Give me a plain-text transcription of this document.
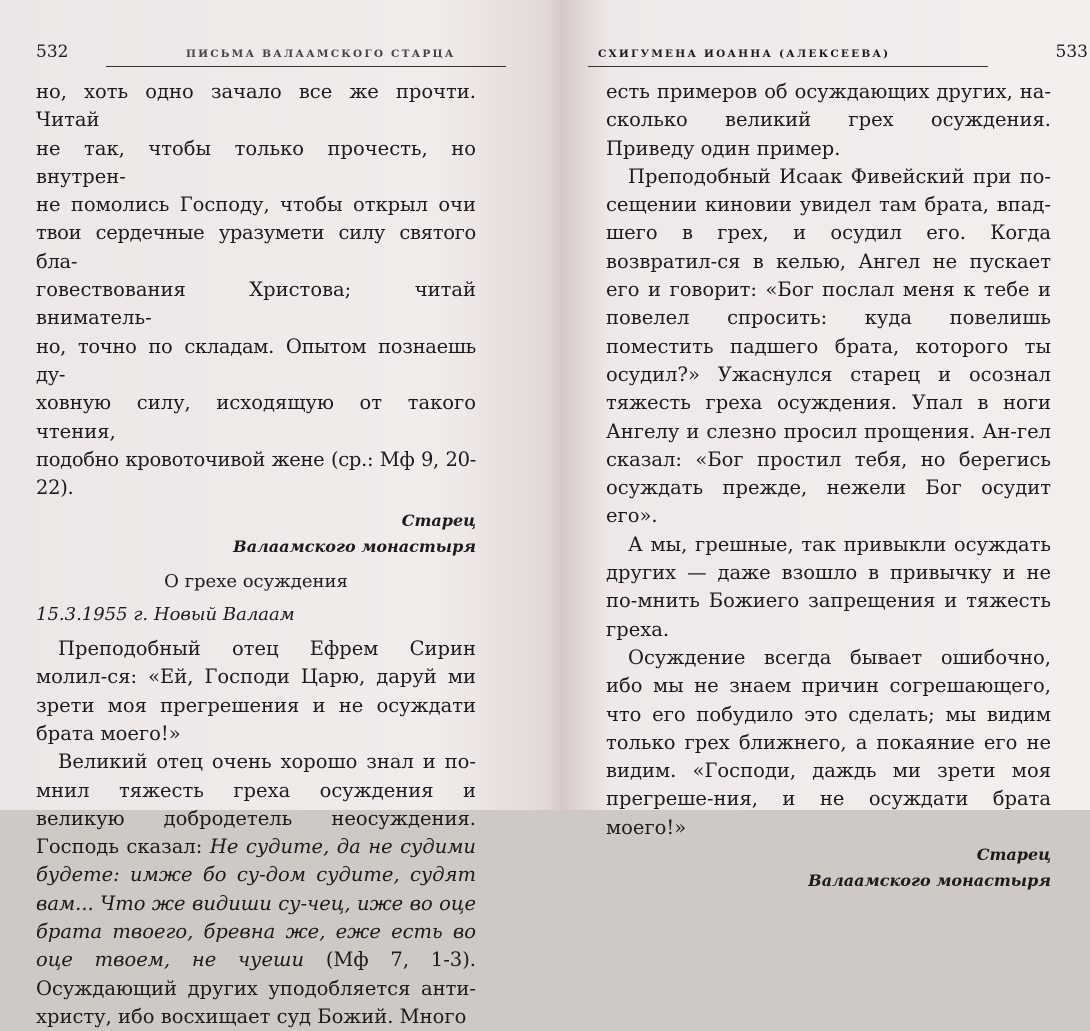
532	ПИСЬМА ВАЛААМСКОГО СТАРЦА

но, хоть одно зачало все же прочти. Читай

не так, чтобы только прочесть, но внутрен-

не помолись Господу, чтобы открыл очи

твои сердечные уразумети силу святого бла-

говествования Христова; читай вниматель-

но, точно по складам. Опытом познаешь ду-

ховную силу, исходящую от такого чтения,

подобно кровоточивой жене (ср.: Мф 9, 20-22).

Старец

Валаамского монастыря

О грехе осуждения

15.3.1955 г. Новый Валаам

Преподобный отец Ефрем Сирин молил-ся: «Ей, Господи Царю, даруй ми зрети моя прегрешения и не осуждати брата моего!»

Великий отец очень хорошо знал и по-мнил тяжесть греха осуждения и великую добродетель неосуждения. Господь сказал: Не судите, да не судими будете: имже бо су-дом судите, судят вам... Что же видиши су-чец, иже во оце брата твоего, бревна же, еже есть во оце твоем, не чуеши (Мф 7, 1-3). Осуждающий других уподобляется анти-христу, ибо восхищает суд Божий. Много

СХИГУМЕНА ИОАННА (АЛЕКСЕЕВА)	533

есть примеров об осуждающих других, на-сколько великий грех осуждения. Приведу один пример.

Преподобный Исаак Фивейский при по-сещении киновии увидел там брата, впад-шего в грех, и осудил его. Когда возвратил-ся в келью, Ангел не пускает его и говорит: «Бог послал меня к тебе и повелел спросить: куда повелишь поместить падшего брата, которого ты осудил?» Ужаснулся старец и осознал тяжесть греха осуждения. Упал в ноги Ангелу и слезно просил прощения. Ан-гел сказал: «Бог простил тебя, но берегись осуждать прежде, нежели Бог осудит его».

А мы, грешные, так привыкли осуждать других — даже взошло в привычку и не по-мнить Божиего запрещения и тяжесть греха.

Осуждение всегда бывает ошибочно, ибо мы не знаем причин согрешающего, что его побудило это сделать; мы видим только грех ближнего, а покаяние его не видим. «Господи, даждь ми зрети моя прегреше-ния, и не осуждати брата моего!»

Старец

Валаамского монастыря
